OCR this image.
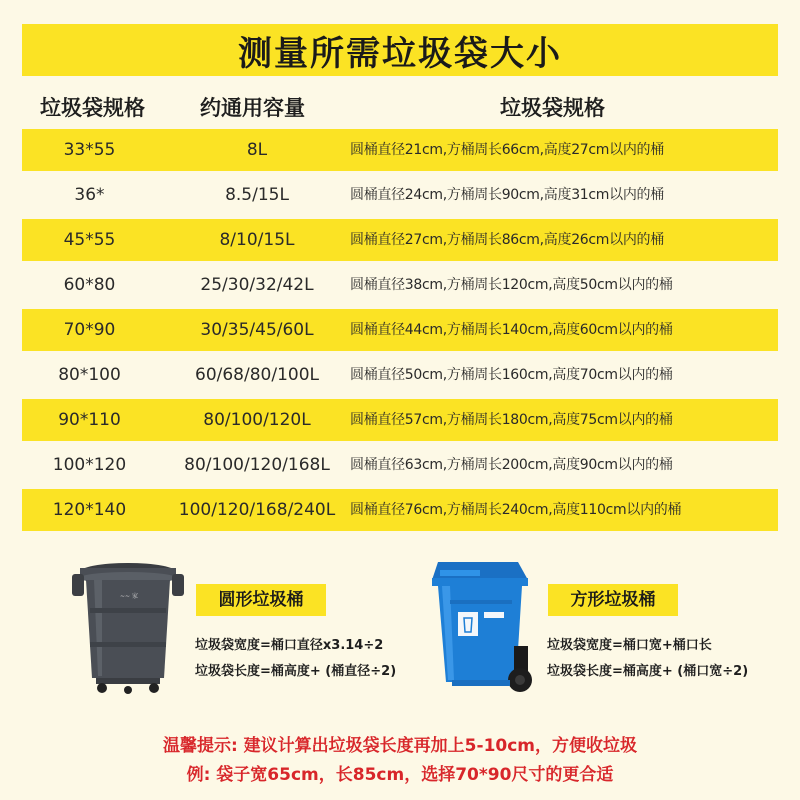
测量所需垃圾袋大小
垃圾袋规格	约通用容量	垃圾袋规格
33*55	8L	圆桶直径21cm,方桶周长66cm,高度27cm以内的桶
36*	8.5/15L	圆桶直径24cm,方桶周长90cm,高度31cm以内的桶
45*55	8/10/15L	圆桶直径27cm,方桶周长86cm,高度26cm以内的桶
60*80	25/30/32/42L	圆桶直径38cm,方桶周长120cm,高度50cm以内的桶
70*90	30/35/45/60L	圆桶直径44cm,方桶周长140cm,高度60cm以内的桶
80*100	60/68/80/100L	圆桶直径50cm,方桶周长160cm,高度70cm以内的桶
90*110	80/100/120L	圆桶直径57cm,方桶周长180cm,高度75cm以内的桶
100*120	80/100/120/168L	圆桶直径63cm,方桶周长200cm,高度90cm以内的桶
120*140	100/120/168/240L	圆桶直径76cm,方桶周长240cm,高度110cm以内的桶
~~ 家	圆形垃圾桶
垃圾袋宽度=桶口直径x3.14÷2
垃圾袋长度=桶高度+ (桶直径÷2)
方形垃圾桶
垃圾袋宽度=桶口宽+桶口长
垃圾袋长度=桶高度+ (桶口宽÷2)
温馨提示: 建议计算出垃圾袋长度再加上5-10cm，方便收垃圾
例: 袋子宽65cm，长85cm，选择70*90尺寸的更合适
